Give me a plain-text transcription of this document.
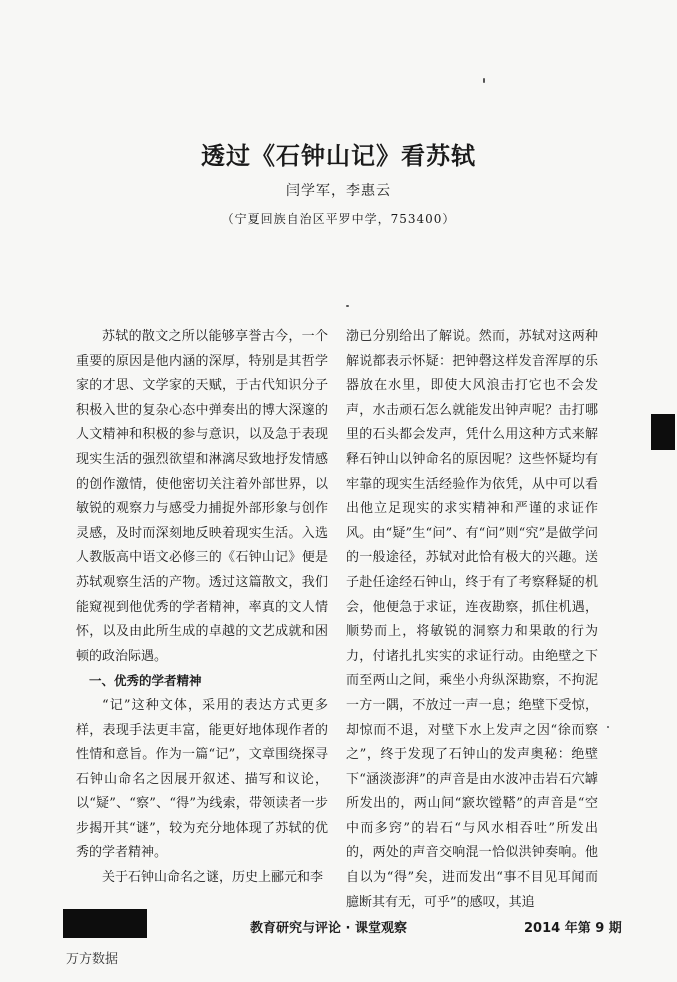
透过《石钟山记》看苏轼
闫学军，李惠云
（宁夏回族自治区平罗中学，753400）

苏轼的散文之所以能够享誉古今，一个重要的原因是他内涵的深厚，特别是其哲学家的才思、文学家的天赋，于古代知识分子积极入世的复杂心态中弹奏出的博大深邃的人文精神和积极的参与意识，以及急于表现现实生活的强烈欲望和淋漓尽致地抒发情感的创作激情，使他密切关注着外部世界，以敏锐的观察力与感受力捕捉外部形象与创作灵感，及时而深刻地反映着现实生活。入选人教版高中语文必修三的《石钟山记》便是苏轼观察生活的产物。透过这篇散文，我们能窥视到他优秀的学者精神，率真的文人情怀，以及由此所生成的卓越的文艺成就和困顿的政治际遇。

一、优秀的学者精神

“记”这种文体，采用的表达方式更多样，表现手法更丰富，能更好地体现作者的性情和意旨。作为一篇“记”，文章围绕探寻石钟山命名之因展开叙述、描写和议论，以“疑”、“察”、“得”为线索，带领读者一步步揭开其“谜”，较为充分地体现了苏轼的优秀的学者精神。

关于石钟山命名之谜，历史上郦元和李

渤已分别给出了解说。然而，苏轼对这两种解说都表示怀疑：把钟磬这样发音浑厚的乐器放在水里，即使大风浪击打它也不会发声，水击顽石怎么就能发出钟声呢？击打哪里的石头都会发声，凭什么用这种方式来解释石钟山以钟命名的原因呢？这些怀疑均有牢靠的现实生活经验作为依凭，从中可以看出他立足现实的求实精神和严谨的求证作风。由“疑”生“问”、有“问”则“究”是做学问的一般途径，苏轼对此恰有极大的兴趣。送子赴任途经石钟山，终于有了考察释疑的机会，他便急于求证，连夜勘察，抓住机遇，顺势而上，将敏锐的洞察力和果敢的行为力，付诸扎扎实实的求证行动。由绝壁之下而至两山之间，乘坐小舟纵深勘察，不拘泥一方一隅，不放过一声一息；绝壁下受惊，却惊而不退，对壁下水上发声之因“徐而察之”，终于发现了石钟山的发声奥秘：绝壁下“涵淡澎湃”的声音是由水波冲击岩石穴罅所发出的，两山间“窾坎镗鞳”的声音是“空中而多窍”的岩石“与风水相吞吐”所发出的，两处的声音交响混一恰似洪钟奏响。他自以为“得”矣，进而发出“事不目见耳闻而臆断其有无，可乎”的感叹，其追

教育研究与评论 · 课堂观察	2014 年第 9 期
万方数据
